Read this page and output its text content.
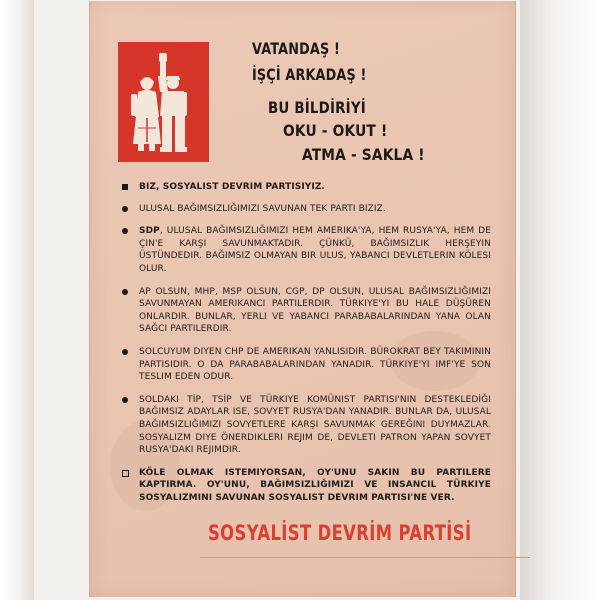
VATANDAŞ !
İŞÇİ ARKADAŞ !
BU BİLDİRİYİ
OKU - OKUT !
ATMA - SAKLA !

BIZ, SOSYALIST DEVRIM PARTISIYIZ.

ULUSAL BAĞIMSIZLIĞIMIZI SAVUNAN TEK PARTI BIZIZ.

SDP, ULUSAL BAĞIMSIZLIĞIMIZI HEM AMERIKA'YA, HEM RUSYA'YA, HEM DE ÇIN'E KARŞI SAVUNMAKTADIR. ÇÜNKÜ, BAĞIMSIZLIK HERŞEYIN ÜSTÜNDEDIR. BAĞIMSIZ OLMAYAN BIR ULUS, YABANCI DEVLETLERIN KÖLESI OLUR.

AP OLSUN, MHP, MSP OLSUN, CGP, DP OLSUN, ULUSAL BAĞIMSIZLIĞIMIZI SAVUNMAYAN AMERIKANCI PARTILERDIR. TÜRKIYE'YI BU HALE DÜŞÜREN ONLARDIR. BUNLAR, YERLI VE YABANCI PARABABALARINDAN YANA OLAN SAĞCI PARTILERDIR.

SOLCUYUM DIYEN CHP DE AMERIKAN YANLISIDIR. BÜROKRAT BEY TAKIMININ PARTISIDIR. O DA PARABABALARINDAN YANADIR. TÜRKIYE'YI IMF'YE SON TESLIM EDEN ODUR.

SOLDAKI TİP, TSİP VE TÜRKIYE KOMÜNIST PARTISI'NIN DESTEKLEDİĞI BAĞIMSIZ ADAYLAR ISE, SOVYET RUSYA'DAN YANADIR. BUNLAR DA, ULUSAL BAĞIMSIZLIĞIMIZI SOVYETLERE KARŞI SAVUNMAK GEREĞINI DUYMAZLAR. SOSYALIZM DIYE ÖNERDIKLERI REJIM DE, DEVLETI PATRON YAPAN SOVYET RUSYA'DAKI REJIMDIR.

KÖLE OLMAK ISTEMIYORSAN, OY'UNU SAKIN BU PARTILERE KAPTIRMA. OY'UNU, BAĞIMSIZLIĞIMIZI VE INSANCIL TÜRKIYE SOSYALIZMINI SAVUNAN SOSYALIST DEVRIM PARTISI'NE VER.

SOSYALİST DEVRİM PARTİSİ
